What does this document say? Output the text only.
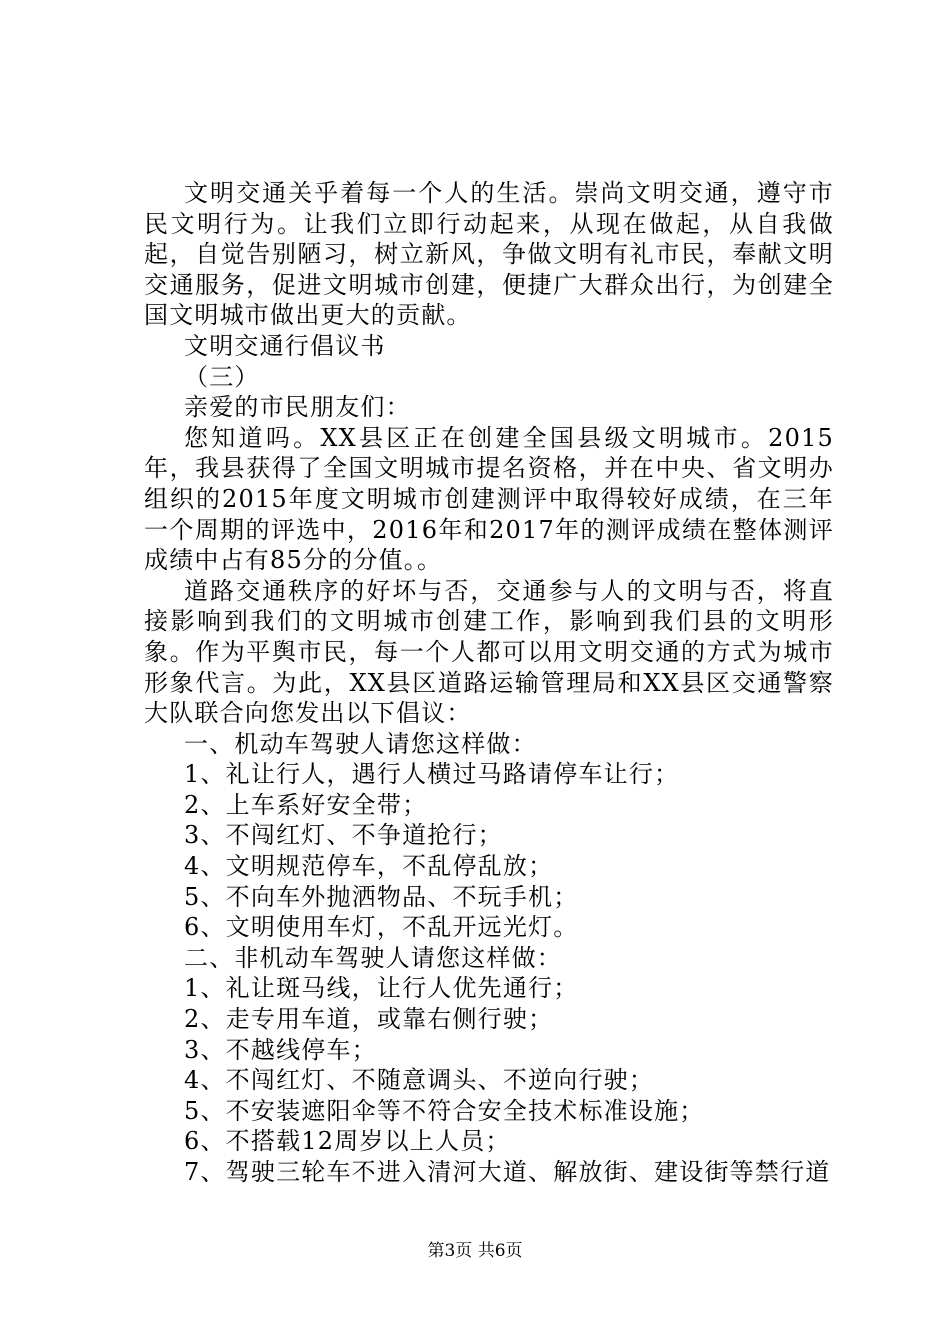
文明交通关乎着每一个人的生活。崇尚文明交通，遵守市民文明行为。让我们立即行动起来，从现在做起，从自我做起，自觉告别陋习，树立新风，争做文明有礼市民，奉献文明交通服务，促进文明城市创建，便捷广大群众出行，为创建全国文明城市做出更大的贡献。

文明交通行倡议书

（三）

亲爱的市民朋友们：

您知道吗。XX县区正在创建全国县级文明城市。2015年，我县获得了全国文明城市提名资格，并在中央、省文明办组织的2015年度文明城市创建测评中取得较好成绩，在三年一个周期的评选中，2016年和2017年的测评成绩在整体测评成绩中占有85分的分值。。

道路交通秩序的好坏与否，交通参与人的文明与否，将直接影响到我们的文明城市创建工作，影响到我们县的文明形象。作为平舆市民，每一个人都可以用文明交通的方式为城市形象代言。为此，XX县区道路运输管理局和XX县区交通警察大队联合向您发出以下倡议：

一、机动车驾驶人请您这样做：

1、礼让行人，遇行人横过马路请停车让行；

2、上车系好安全带；

3、不闯红灯、不争道抢行；

4、文明规范停车，不乱停乱放；

5、不向车外抛洒物品、不玩手机；

6、文明使用车灯，不乱开远光灯。

二、非机动车驾驶人请您这样做：

1、礼让斑马线，让行人优先通行；

2、走专用车道，或靠右侧行驶；

3、不越线停车；

4、不闯红灯、不随意调头、不逆向行驶；

5、不安装遮阳伞等不符合安全技术标准设施；

6、不搭载12周岁以上人员；

7、驾驶三轮车不进入清河大道、解放街、建设街等禁行道

第3页 共6页
